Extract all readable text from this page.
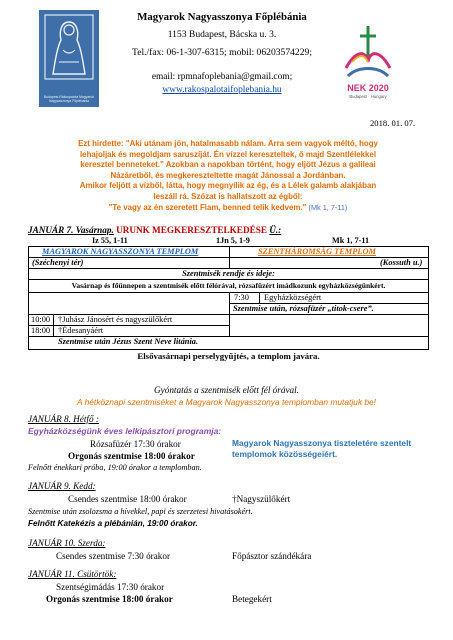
Budapest-Rákospalota Magyarok Nagyasszonya Főplébánia
Magyarok Nagyasszonya Főplébánia
1153 Budapest, Bácska u. 3.
Tel./fax: 06-1-307-6315; mobil: 06203574229;
email: rpmnafoplebania@gmail.com;
www.rakospalotaifoplebania.hu	NEK 2020
Budapest · Hungary
2018. 01. 07.
Ezt hirdette: "Aki utánam jön, hatalmasabb nálam. Arra sem vagyok méltó, hogy
lehajoljak és megoldjam saruszíját. Én vízzel kereszteltek, ő majd Szentlélekkel
keresztel benneteket." Azokban a napokban történt, hogy eljött Jézus a galileai
Názáretből, és megkereszteltette magát Jánossal a Jordánban.
Amikor feljött a vízből, látta, hogy megnyílik az ég, és a Lélek galamb alakjában
leszáll rá. Szózat is hallatszott az égből:
"Te vagy az én szeretett Fiam, benned telik kedvem." (Mk 1, 7-11)
JANUÁR 7. Vasárnap. URUNK MEGKERESZTELKEDÉSE Ü.:
Iz 55, 1-11	1Jn 5, 1-9	Mk 1, 7-11
MAGYAROK NAGYASSZONYA TEMPLOM	SZENTHÁROMSÁG TEMPLOM
(Széchenyi tér)	(Kossuth u.)
Szentmisék rendje és ideje:
Vasárnap és főünnepen a szentmisék előtt félórával, rózsafüzért imádkozunk egyházközségünkért.
7:30 Egyházközségért
Szentmise után, rózsafüzér „titok-csere”.
10:00 †Juhász Jánosért és nagyszülőkért
18:00 †Édesanyáért
Szentmise után Jézus Szent Neve litánia.
Elsővasárnapi perselygyűjtés, a templom javára.
Gyóntatás a szentmisék előtt fél órával.
A hétköznapi szentmiséket a Magyarok Nagyasszonya templomban mutatjuk be!
JANUÁR 8. Hétfő :
Egyházközségünk éves lelkipásztori programja:
Rózsafüzér 17:30 órakor
Orgonás szentmise 18:00 órakor
Felnőtt énekkari próba, 19:00 órakor a templomban.
Magyarok Nagyasszonya tiszteletére szentelt templomok közösségeiért.
JANUÁR 9. Kedd:
Csendes szentmise 18:00 órakor	†Nagyszülőkért
Szentmise után zsolozsma a hívekkel, papi és szerzetesi hivatásokért.
Felnőtt Katekézis a plébánián, 19:00 órakor.
JANUÁR 10. Szerda:
Csendes szentmise 7:30 órakor	Főpásztor szándékára
JANUÁR 11. Csütörtök:
Szentségimádás 17:30 órakor
Orgonás szentmise 18:00 órakor	Betegekért
